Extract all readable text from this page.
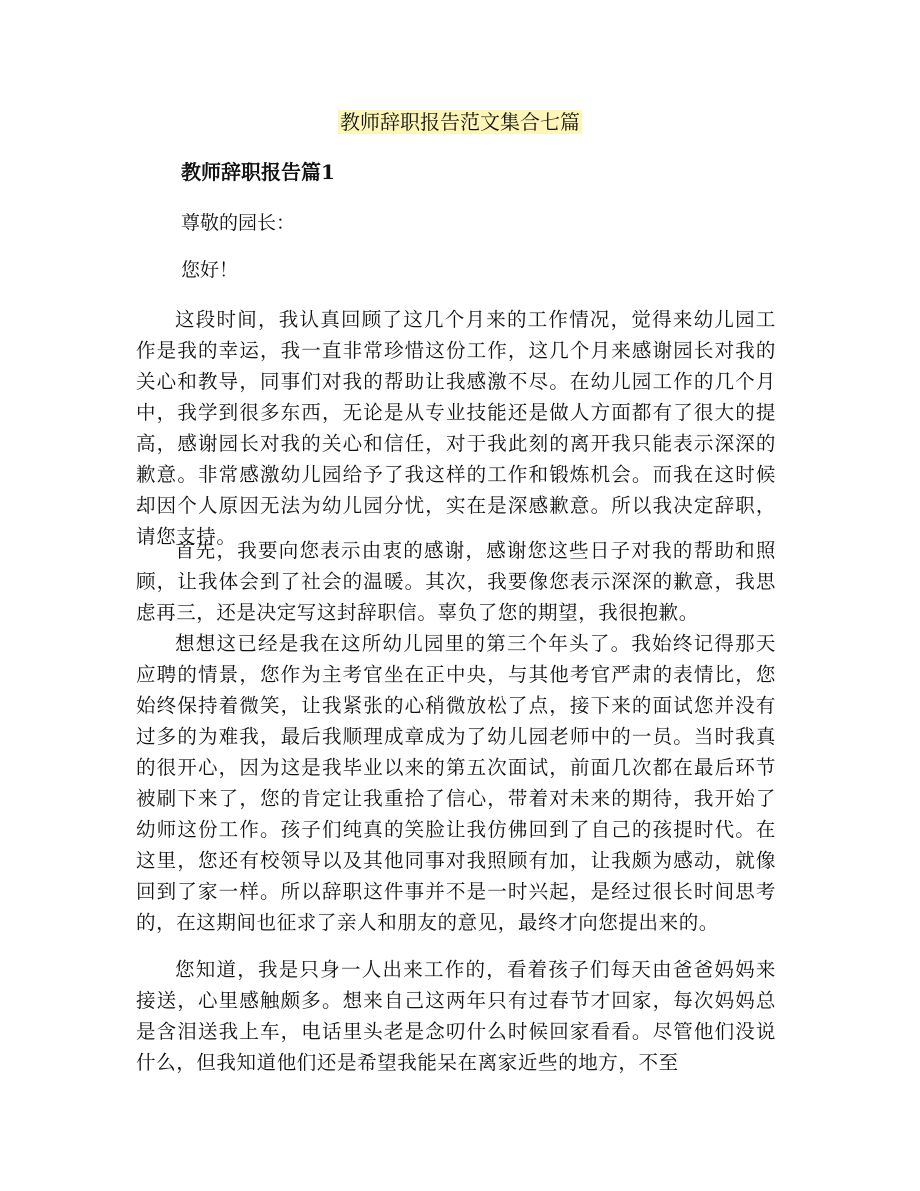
教师辞职报告范文集合七篇
教师辞职报告篇1
尊敬的园长：
您好！

这段时间，我认真回顾了这几个月来的工作情况，觉得来幼儿园工作是我的幸运，我一直非常珍惜这份工作，这几个月来感谢园长对我的关心和教导，同事们对我的帮助让我感激不尽。在幼儿园工作的几个月中，我学到很多东西，无论是从专业技能还是做人方面都有了很大的提高，感谢园长对我的关心和信任，对于我此刻的离开我只能表示深深的歉意。非常感激幼儿园给予了我这样的工作和锻炼机会。而我在这时候却因个人原因无法为幼儿园分忧，实在是深感歉意。所以我决定辞职，请您支持。

首先，我要向您表示由衷的感谢，感谢您这些日子对我的帮助和照顾，让我体会到了社会的温暖。其次，我要像您表示深深的歉意，我思虑再三，还是决定写这封辞职信。辜负了您的期望，我很抱歉。

想想这已经是我在这所幼儿园里的第三个年头了。我始终记得那天应聘的情景，您作为主考官坐在正中央，与其他考官严肃的表情比，您始终保持着微笑，让我紧张的心稍微放松了点，接下来的面试您并没有过多的为难我，最后我顺理成章成为了幼儿园老师中的一员。当时我真的很开心，因为这是我毕业以来的第五次面试，前面几次都在最后环节被刷下来了，您的肯定让我重拾了信心，带着对未来的期待，我开始了幼师这份工作。孩子们纯真的笑脸让我仿佛回到了自己的孩提时代。在这里，您还有校领导以及其他同事对我照顾有加，让我颇为感动，就像回到了家一样。所以辞职这件事并不是一时兴起，是经过很长时间思考的，在这期间也征求了亲人和朋友的意见，最终才向您提出来的。

您知道，我是只身一人出来工作的，看着孩子们每天由爸爸妈妈来接送，心里感触颇多。想来自己这两年只有过春节才回家，每次妈妈总是含泪送我上车，电话里头老是念叨什么时候回家看看。尽管他们没说什么，但我知道他们还是希望我能呆在离家近些的地方，不至
